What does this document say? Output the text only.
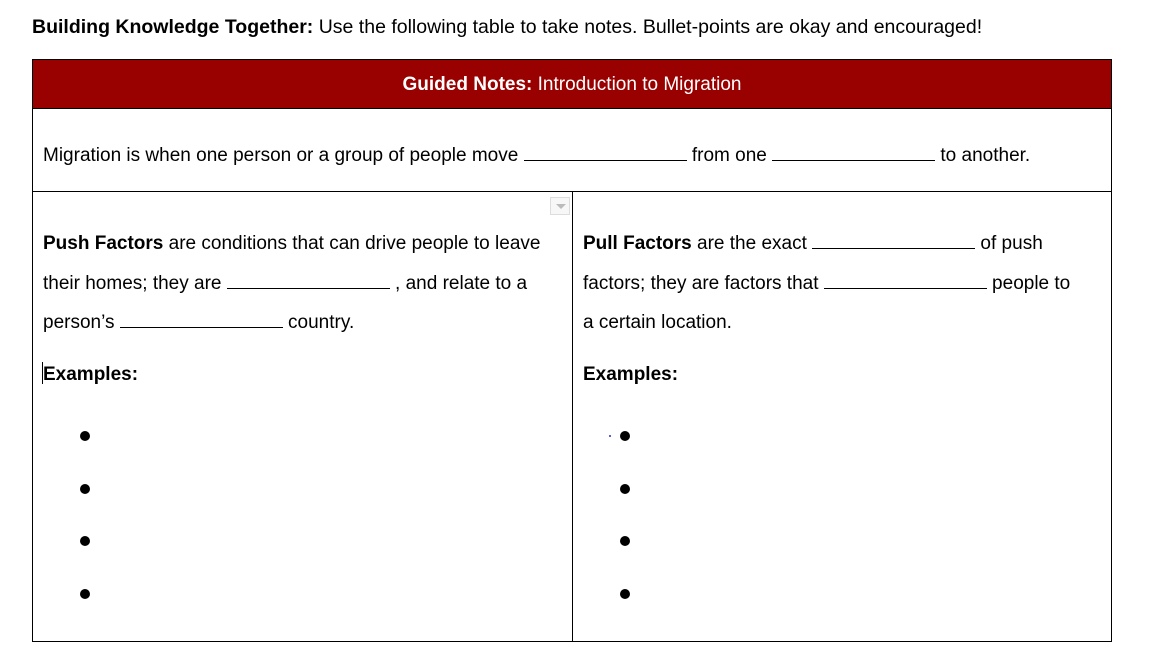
Building Knowledge Together: Use the following table to take notes. Bullet-points are okay and encouraged!
Guided Notes: Introduction to Migration
Migration is when one person or a group of people move	from one	to another.
Push Factors are conditions that can drive people to leave
their homes; they are	, and relate to a
person’s	country.
Examples:
Pull Factors are the exact	of push
factors; they are factors that	people to
a certain location.
Examples:
